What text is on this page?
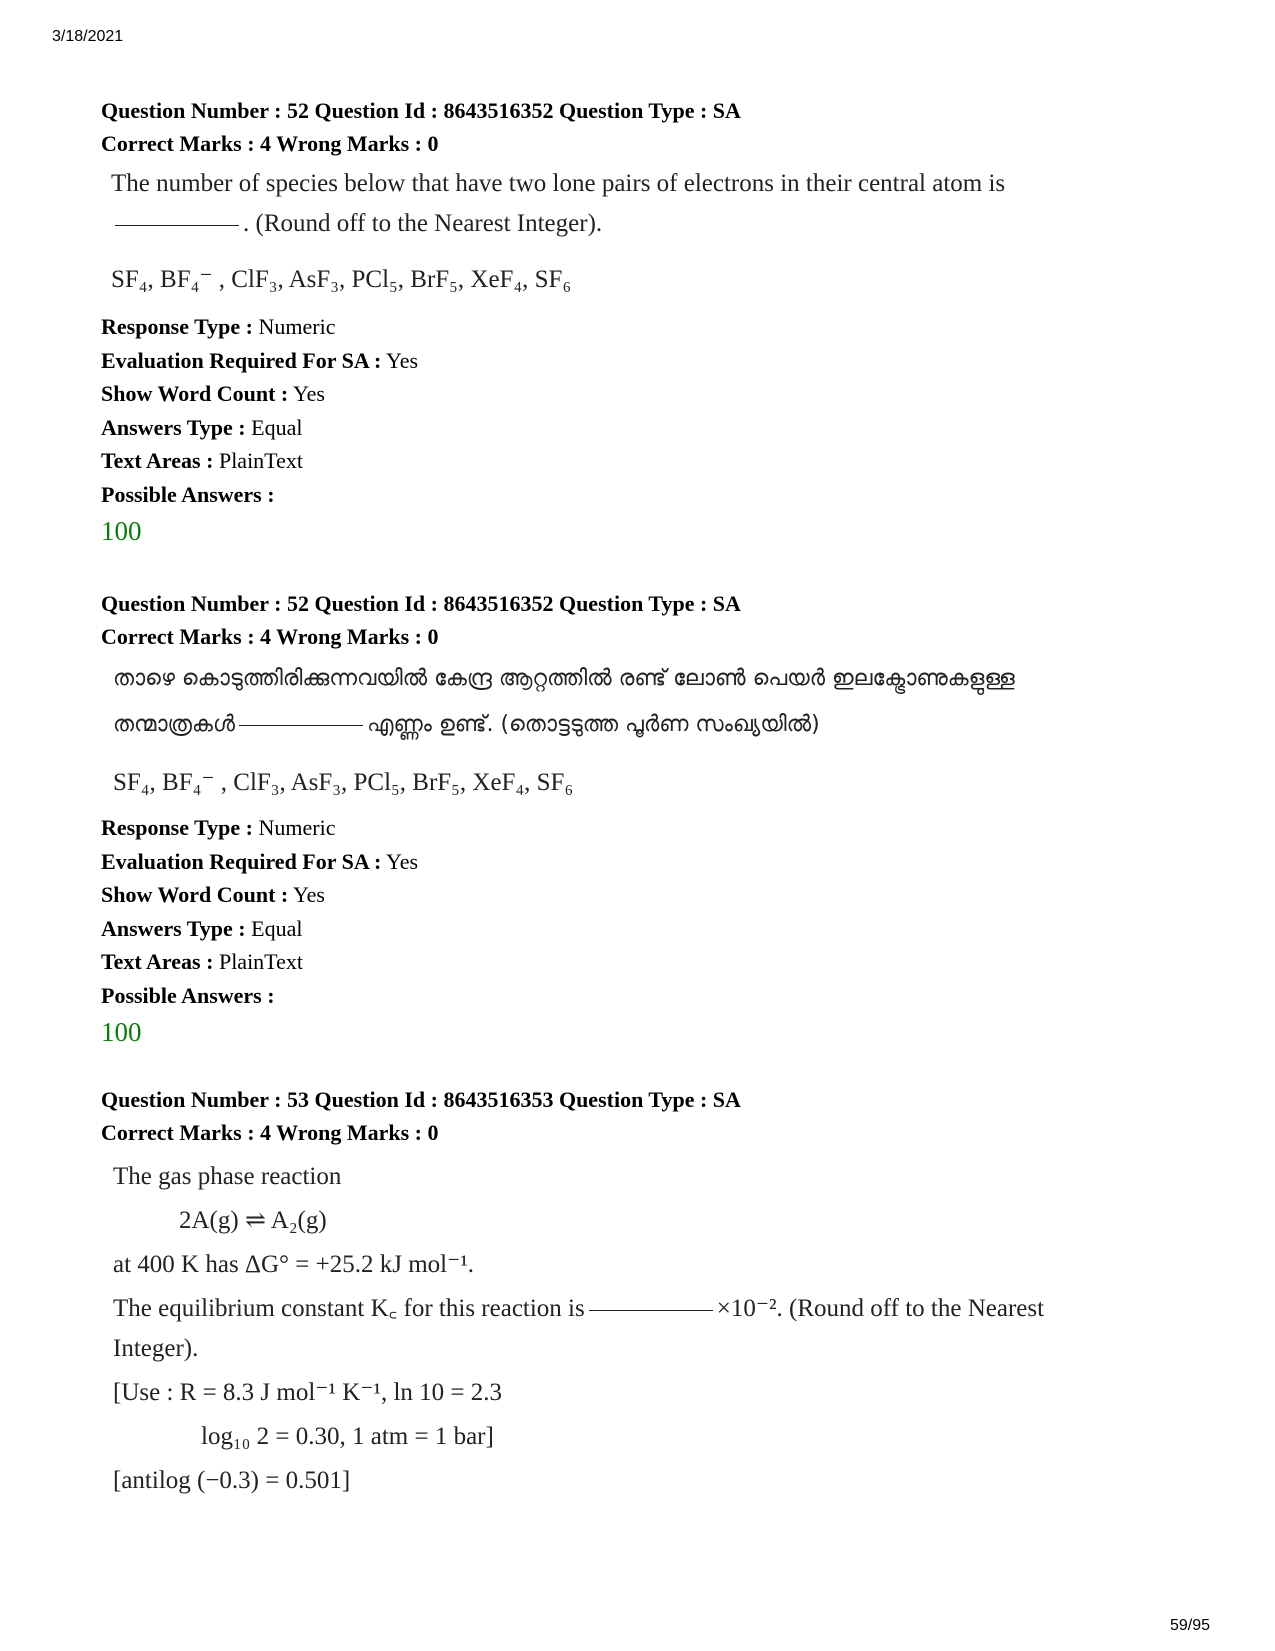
3/18/2021
Question Number : 52 Question Id : 8643516352 Question Type : SA
Correct Marks : 4 Wrong Marks : 0
The number of species below that have two lone pairs of electrons in their central atom is
. (Round off to the Nearest Integer).
SF₄, BF₄⁻ , ClF₃, AsF₃, PCl₅, BrF₅, XeF₄, SF₆
Response Type : Numeric
Evaluation Required For SA : Yes
Show Word Count : Yes
Answers Type : Equal
Text Areas : PlainText
Possible Answers :
100
Question Number : 52 Question Id : 8643516352 Question Type : SA
Correct Marks : 4 Wrong Marks : 0
താഴെ കൊടുത്തിരിക്കുന്നവയിൽ കേന്ദ്ര ആറ്റത്തിൽ രണ്ട് ലോൺ പെയർ ഇലക്ട്രോണുകളുള്ള
തന്മാത്രകൾ	എണ്ണം ഉണ്ട്. (തൊട്ടടുത്ത പൂർണ സംഖ്യയിൽ)
SF₄, BF₄⁻ , ClF₃, AsF₃, PCl₅, BrF₅, XeF₄, SF₆
Response Type : Numeric
Evaluation Required For SA : Yes
Show Word Count : Yes
Answers Type : Equal
Text Areas : PlainText
Possible Answers :
100
Question Number : 53 Question Id : 8643516353 Question Type : SA
Correct Marks : 4 Wrong Marks : 0
The gas phase reaction
2A(g) ⇌ A₂(g)
at 400 K has ΔG° = +25.2 kJ mol⁻¹.
The equilibrium constant K꜀ for this reaction is	×10⁻². (Round off to the Nearest
Integer).
[Use : R = 8.3 J mol⁻¹ K⁻¹, ln 10 = 2.3
log₁₀ 2 = 0.30, 1 atm = 1 bar]
[antilog (−0.3) = 0.501]
59/95
